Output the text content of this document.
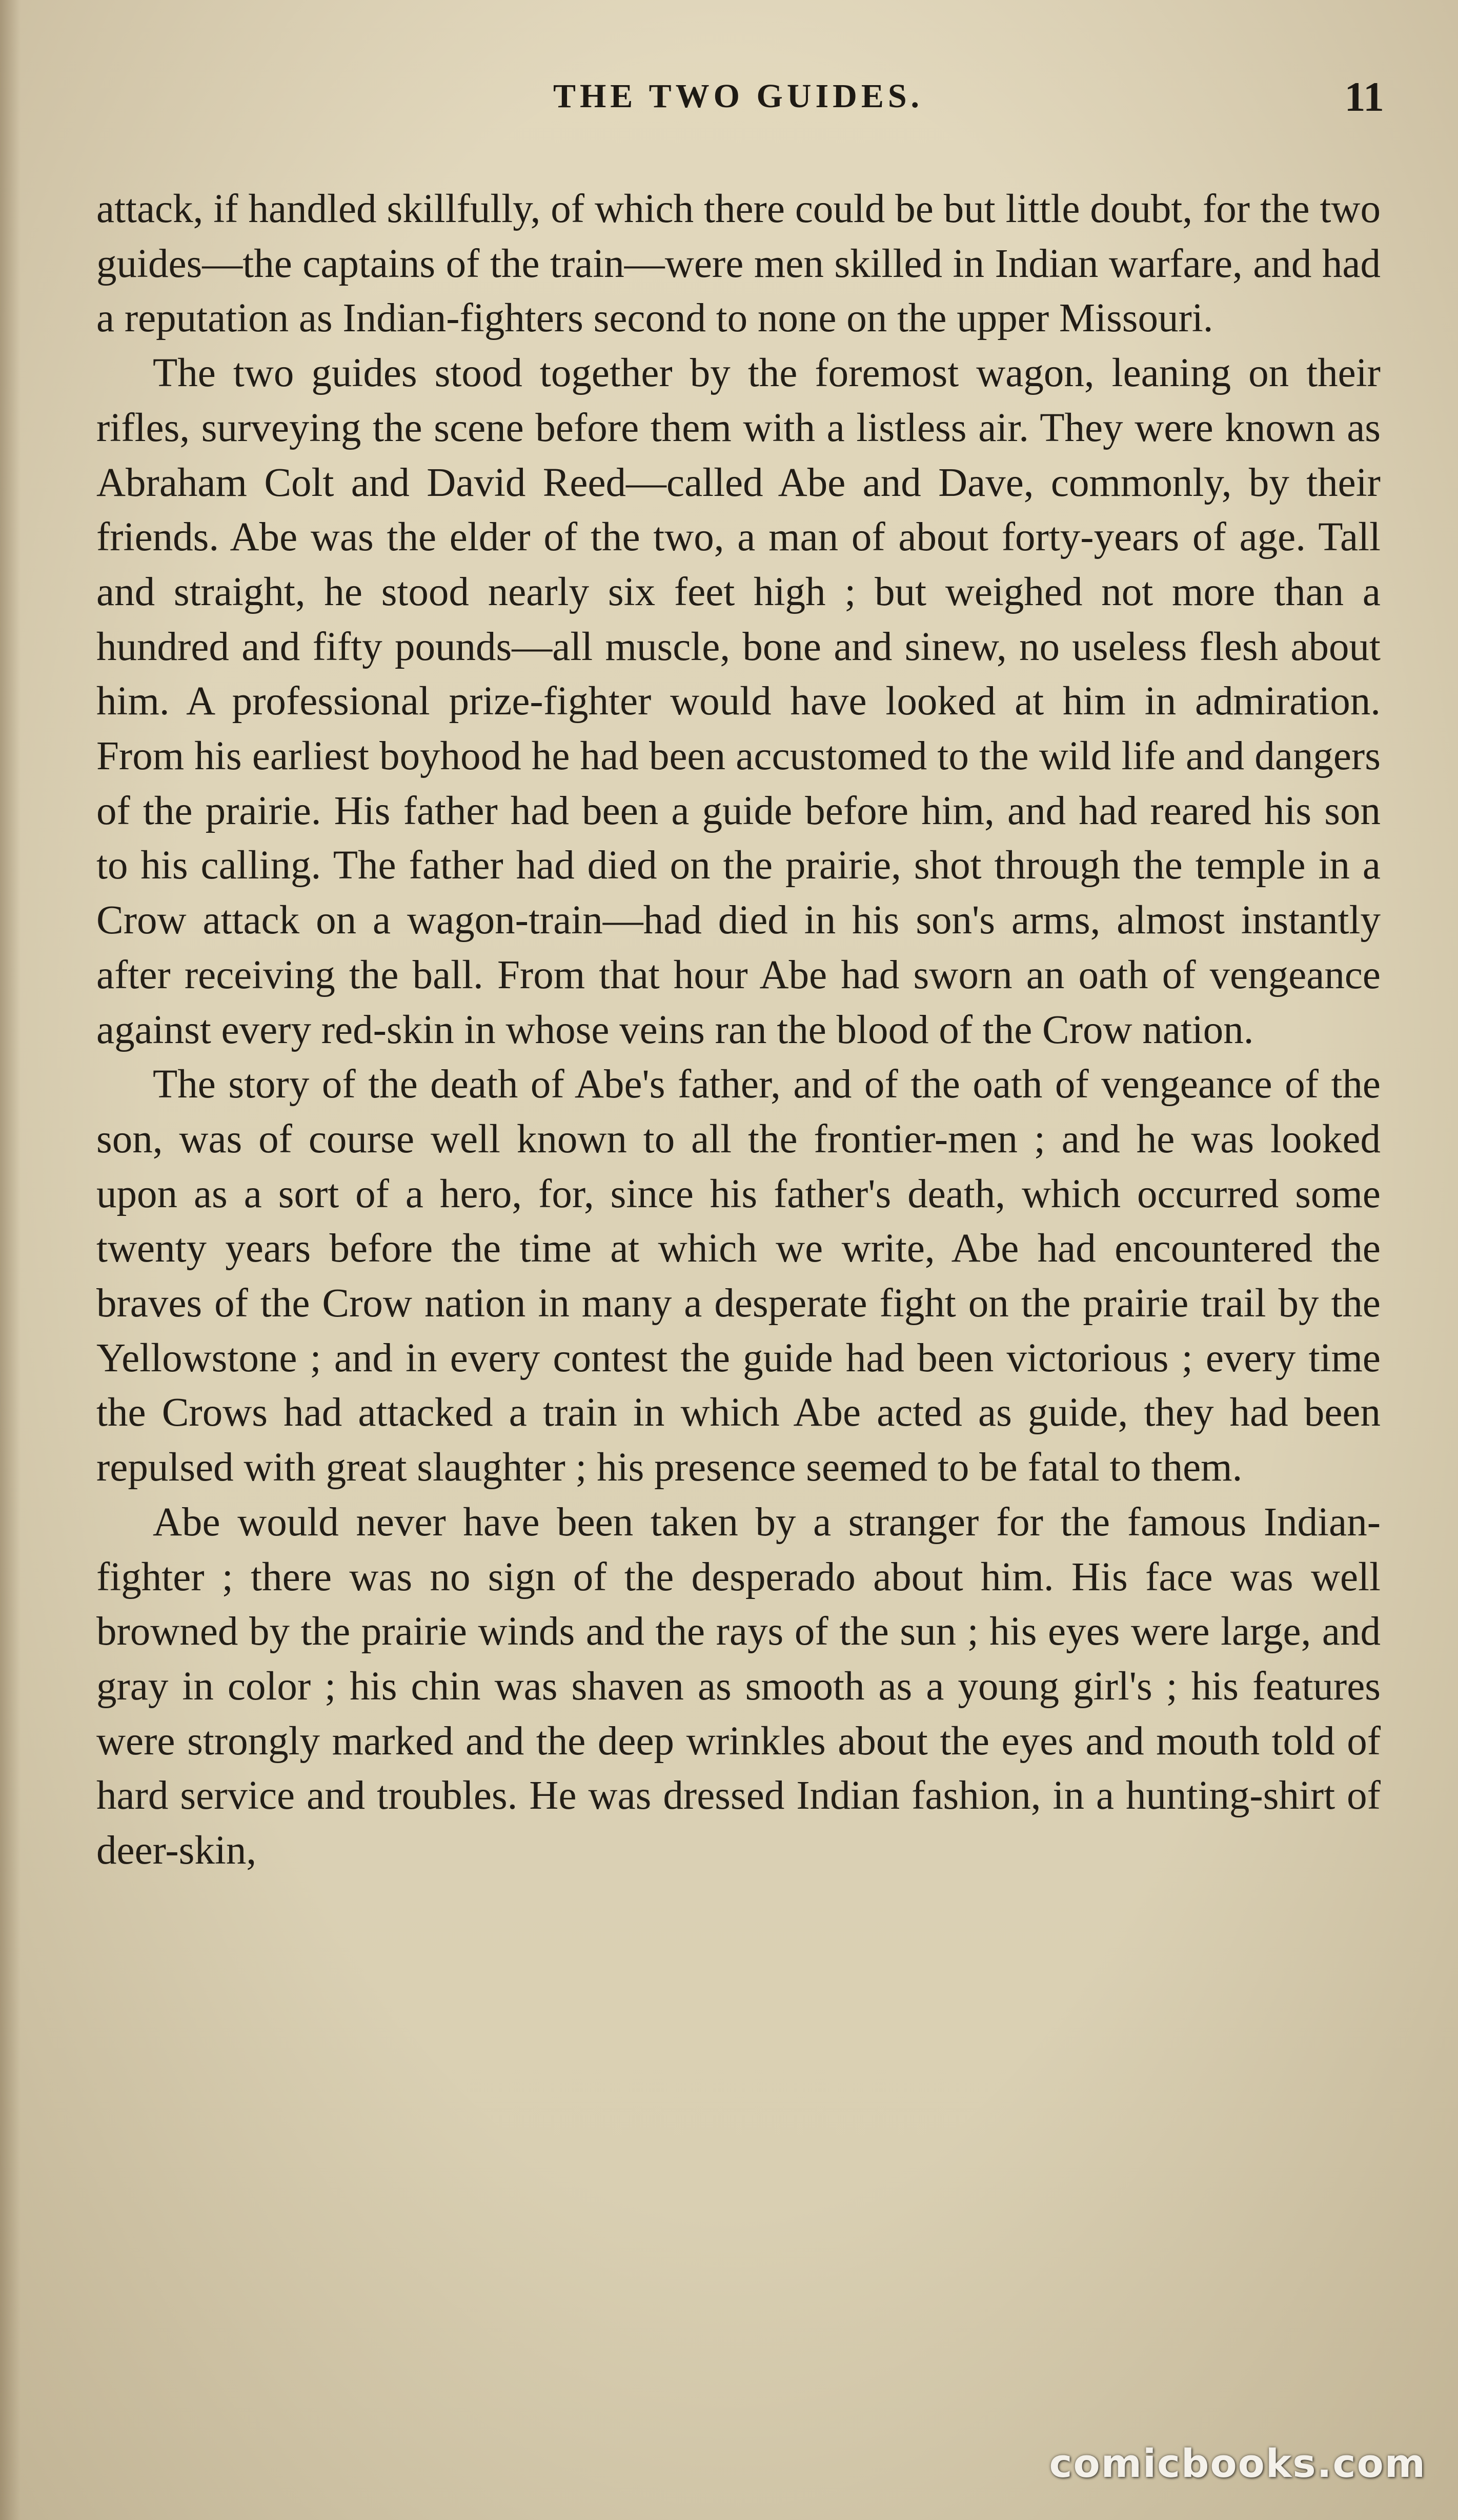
THE TWO GUIDES.	11

attack, if handled skillfully, of which there could be but little doubt, for the two guides—the captains of the train—were men skilled in Indian warfare, and had a reputation as Indian-fighters second to none on the upper Missouri.

The two guides stood together by the foremost wagon, leaning on their rifles, surveying the scene before them with a listless air. They were known as Abraham Colt and David Reed—called Abe and Dave, commonly, by their friends. Abe was the elder of the two, a man of about forty-years of age. Tall and straight, he stood nearly six feet high ; but weighed not more than a hundred and fifty pounds—all muscle, bone and sinew, no useless flesh about him. A professional prize-fighter would have looked at him in admiration. From his earliest boyhood he had been accustomed to the wild life and dangers of the prairie. His father had been a guide before him, and had reared his son to his calling. The father had died on the prairie, shot through the temple in a Crow attack on a wagon-train—had died in his son's arms, almost instantly after receiving the ball. From that hour Abe had sworn an oath of vengeance against every red-skin in whose veins ran the blood of the Crow nation.

The story of the death of Abe's father, and of the oath of vengeance of the son, was of course well known to all the frontier-men ; and he was looked upon as a sort of a hero, for, since his father's death, which occurred some twenty years before the time at which we write, Abe had encountered the braves of the Crow nation in many a desperate fight on the prairie trail by the Yellowstone ; and in every contest the guide had been victorious ; every time the Crows had attacked a train in which Abe acted as guide, they had been repulsed with great slaughter ; his presence seemed to be fatal to them.

Abe would never have been taken by a stranger for the famous Indian-fighter ; there was no sign of the desperado about him. His face was well browned by the prairie winds and the rays of the sun ; his eyes were large, and gray in color ; his chin was shaven as smooth as a young girl's ; his features were strongly marked and the deep wrinkles about the eyes and mouth told of hard service and troubles. He was dressed Indian fashion, in a hunting-shirt of deer-skin,

comicbooks.com
